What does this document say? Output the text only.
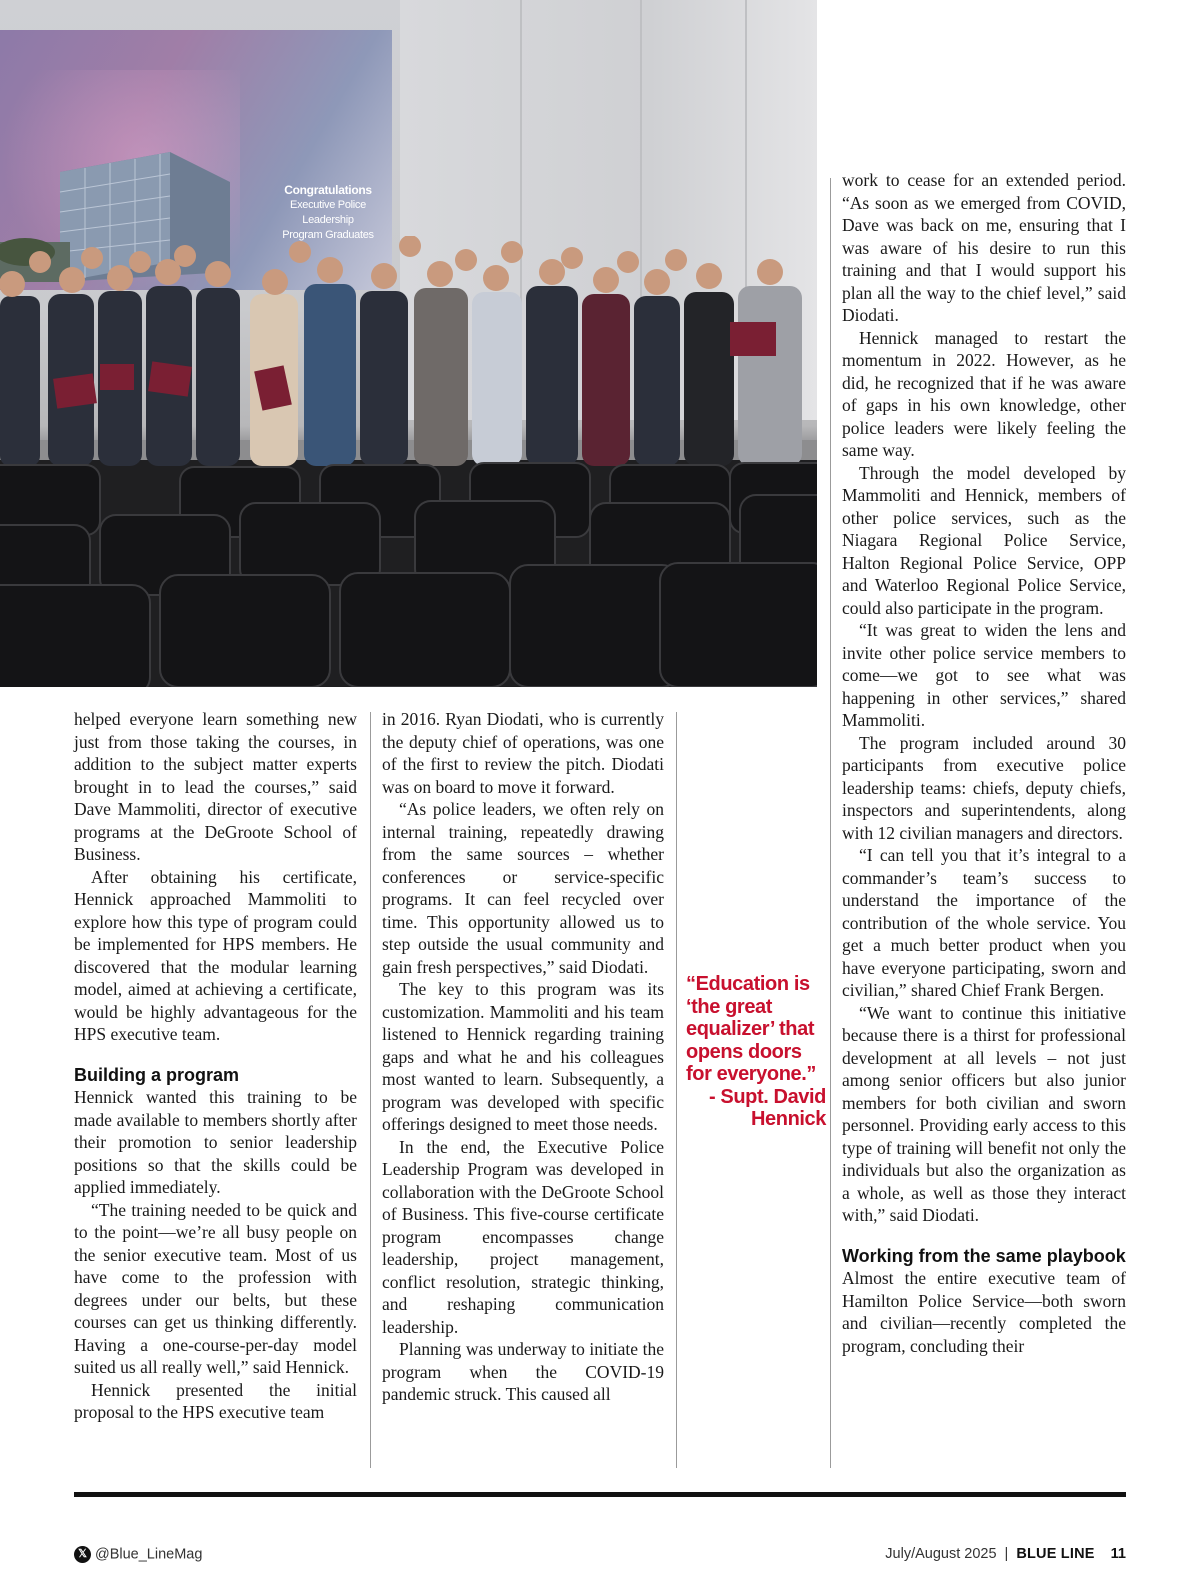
Congratulations
Executive Police
Leadership
Program Graduates

helped everyone learn something new just from those taking the courses, in addition to the subject matter experts brought in to lead the courses,” said Dave Mammoliti, director of executive programs at the DeGroote School of Business.

After obtaining his certificate, Hennick approached Mammoliti to explore how this type of program could be implemented for HPS members. He discovered that the modular learning model, aimed at achieving a certificate, would be highly advantageous for the HPS executive team.

Building a program

Hennick wanted this training to be made available to members shortly after their promotion to senior leadership positions so that the skills could be applied immediately.

“The training needed to be quick and to the point—we’re all busy people on the senior executive team. Most of us have come to the profession with degrees under our belts, but these courses can get us thinking differently. Having a one-course-per-day model suited us all really well,” said Hennick.

Hennick presented the initial proposal to the HPS executive team

in 2016. Ryan Diodati, who is currently the deputy chief of operations, was one of the first to review the pitch. Diodati was on board to move it forward.

“As police leaders, we often rely on internal training, repeatedly drawing from the same sources – whether conferences or service-specific programs. It can feel recycled over time. This opportunity allowed us to step outside the usual community and gain fresh perspectives,” said Diodati.

The key to this program was its customization. Mammoliti and his team listened to Hennick regarding training gaps and what he and his colleagues most wanted to learn. Subsequently, a program was developed with specific offerings designed to meet those needs.

In the end, the Executive Police Leadership Program was developed in collaboration with the DeGroote School of Business. This five-course certificate program encompasses change leadership, project management, conflict resolution, strategic thinking, and reshaping communication leadership.

Planning was underway to initiate the program when the COVID-19 pandemic struck. This caused all

“Education is ‘the great equalizer’ that opens doors for everyone.”
- Supt. David Hennick

work to cease for an extended period. “As soon as we emerged from COVID, Dave was back on me, ensuring that I was aware of his desire to run this training and that I would support his plan all the way to the chief level,” said Diodati.

Hennick managed to restart the momentum in 2022. However, as he did, he recognized that if he was aware of gaps in his own knowledge, other police leaders were likely feeling the same way.

Through the model developed by Mammoliti and Hennick, members of other police services, such as the Niagara Regional Police Service, Halton Regional Police Service, OPP and Waterloo Regional Police Service, could also participate in the program.

“It was great to widen the lens and invite other police service members to come—we got to see what was happening in other services,” shared Mammoliti.

The program included around 30 participants from executive police leadership teams: chiefs, deputy chiefs, inspectors and superintendents, along with 12 civilian managers and directors.

“I can tell you that it’s integral to a commander’s team’s success to understand the importance of the contribution of the whole service. You get a much better product when you have everyone participating, sworn and civilian,” shared Chief Frank Bergen.

“We want to continue this initiative because there is a thirst for professional development at all levels – not just among senior officers but also junior members for both civilian and sworn personnel. Providing early access to this type of training will benefit not only the individuals but also the organization as a whole, as well as those they interact with,” said Diodati.

Working from the same playbook

Almost the entire executive team of Hamilton Police Service—both sworn and civilian—recently completed the program, concluding their

𝕏 @Blue_LineMag	July/August 2025 | BLUE LINE 11
